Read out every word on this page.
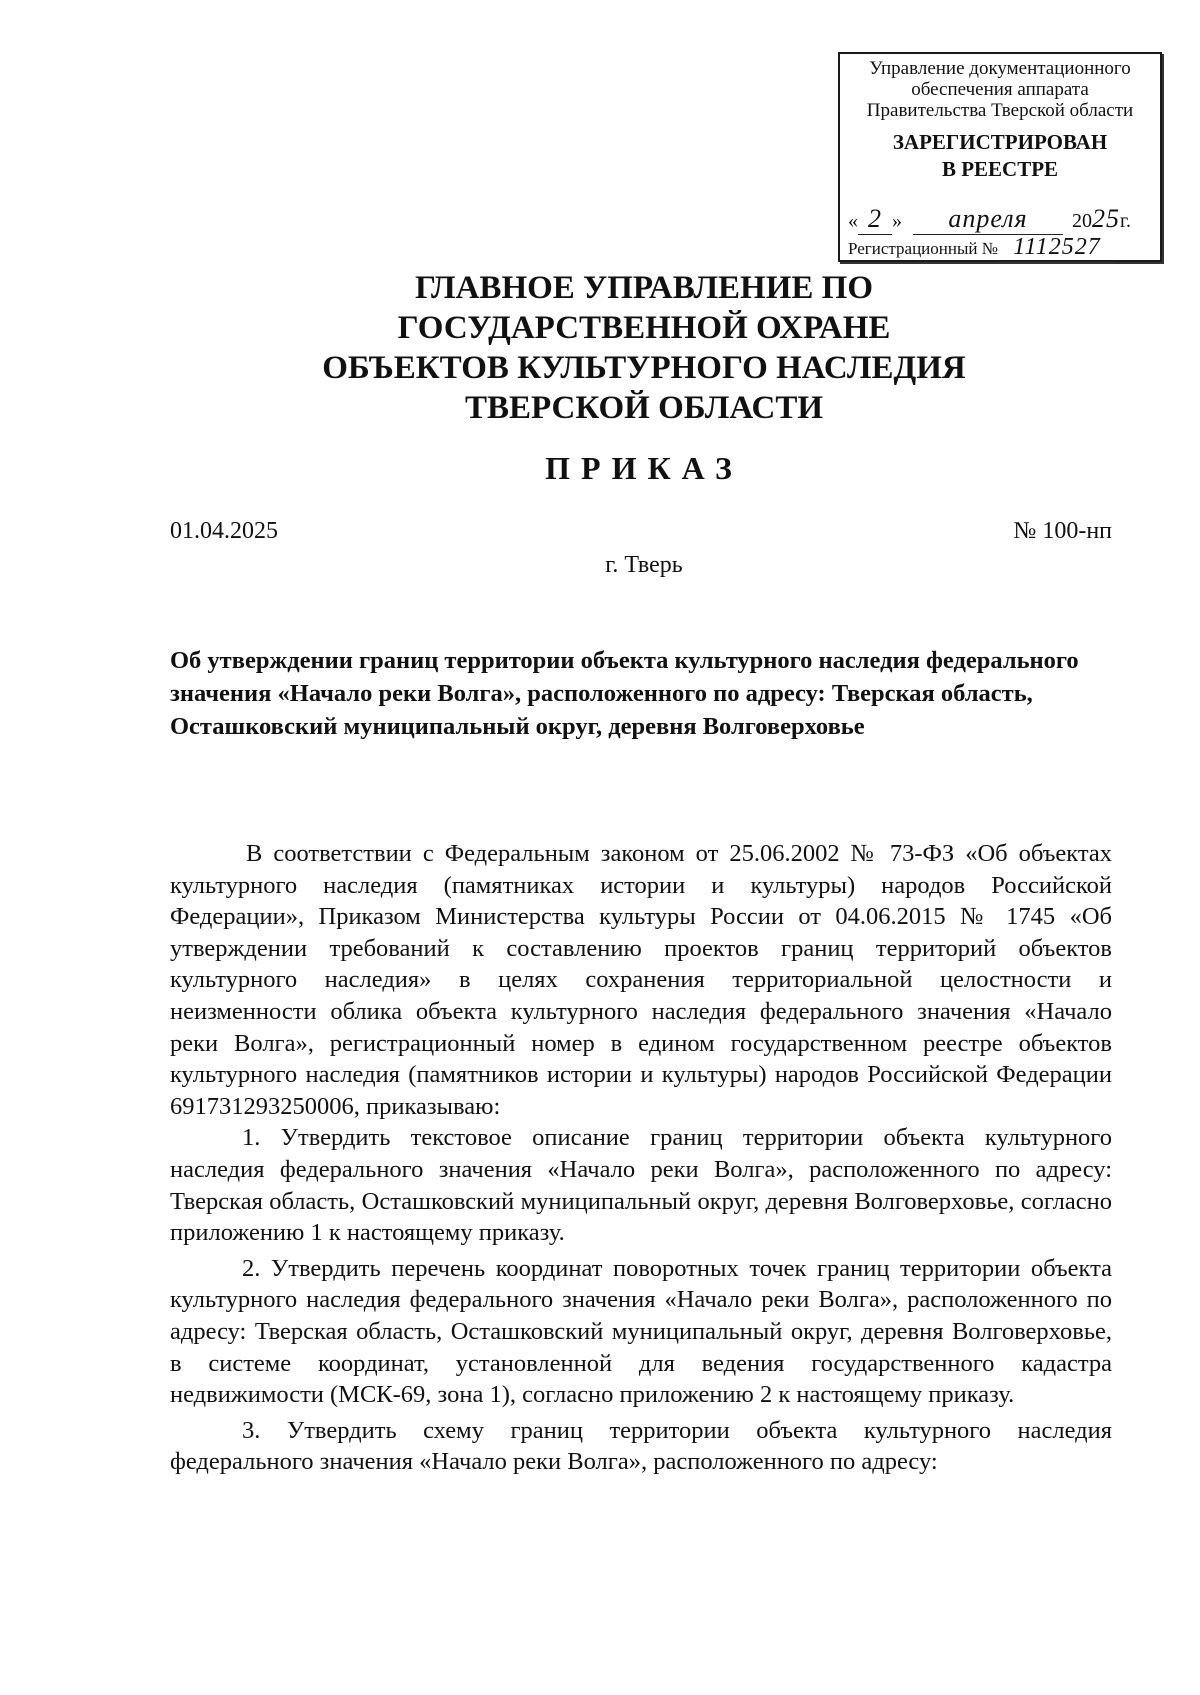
Управление документационного
обеспечения аппарата
Правительства Тверской области
ЗАРЕГИСТРИРОВАН
В РЕЕСТРЕ
« 2 » апреля 2025г.
Регистрационный № 1112527
ГЛАВНОЕ УПРАВЛЕНИЕ ПО
ГОСУДАРСТВЕННОЙ ОХРАНЕ
ОБЪЕКТОВ КУЛЬТУРНОГО НАСЛЕДИЯ
ТВЕРСКОЙ ОБЛАСТИ
ПРИКАЗ
01.04.2025	№ 100-нп
г. Тверь
Об утверждении границ территории объекта культурного наследия федерального значения «Начало реки Волга», расположенного по адресу: Тверская область, Осташковский муниципальный округ, деревня Волговерховье

В соответствии с Федеральным законом от 25.06.2002 № 73-ФЗ «Об объектах культурного наследия (памятниках истории и культуры) народов Российской Федерации», Приказом Министерства культуры России от 04.06.2015 № 1745 «Об утверждении требований к составлению проектов границ территорий объектов культурного наследия» в целях сохранения территориальной целостности и неизменности облика объекта культурного наследия федерального значения «Начало реки Волга», регистрационный номер в едином государственном реестре объектов культурного наследия (памятников истории и культуры) народов Российской Федерации 691731293250006, приказываю:

1. Утвердить текстовое описание границ территории объекта культурного наследия федерального значения «Начало реки Волга», расположенного по адресу: Тверская область, Осташковский муниципальный округ, деревня Волговерховье, согласно приложению 1 к настоящему приказу.

2. Утвердить перечень координат поворотных точек границ территории объекта культурного наследия федерального значения «Начало реки Волга», расположенного по адресу: Тверская область, Осташковский муниципальный округ, деревня Волговерховье, в системе координат, установленной для ведения государственного кадастра недвижимости (МСК-69, зона 1), согласно приложению 2 к настоящему приказу.

3. Утвердить схему границ территории объекта культурного наследия федерального значения «Начало реки Волга», расположенного по адресу:
